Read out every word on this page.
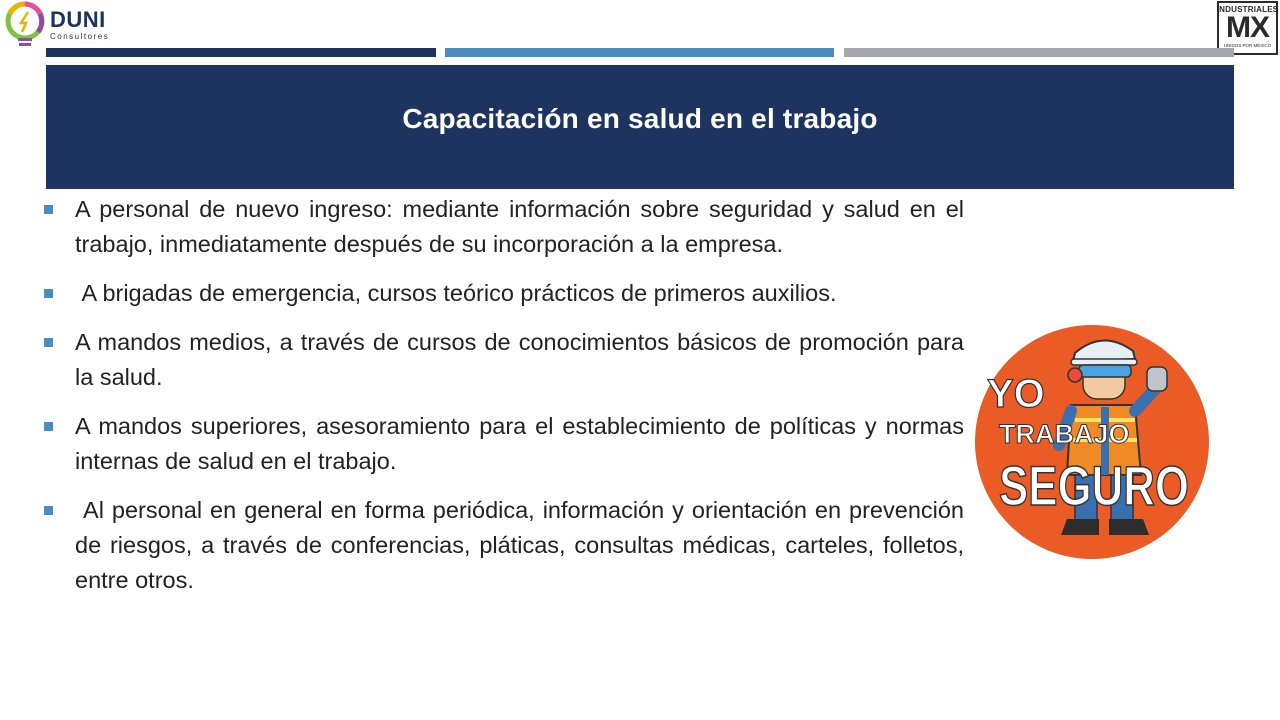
DUNI
Consultores
INDUSTRIALES
MX
UNIDOS POR MÉXICO
Capacitación en salud en el trabajo
A personal de nuevo ingreso: mediante información sobre seguridad y salud en el trabajo, inmediatamente después de su incorporación a la empresa.
A brigadas de emergencia, cursos teórico prácticos de primeros auxilios.
A mandos medios, a través de cursos de conocimientos básicos de promoción para la salud.
A mandos superiores, asesoramiento para el establecimiento de políticas y normas internas de salud en el trabajo.
Al personal en general en forma periódica, información y orientación en prevención de riesgos, a través de conferencias, pláticas, consultas médicas, carteles, folletos, entre otros.
YO
TRABAJO
SEGURO
